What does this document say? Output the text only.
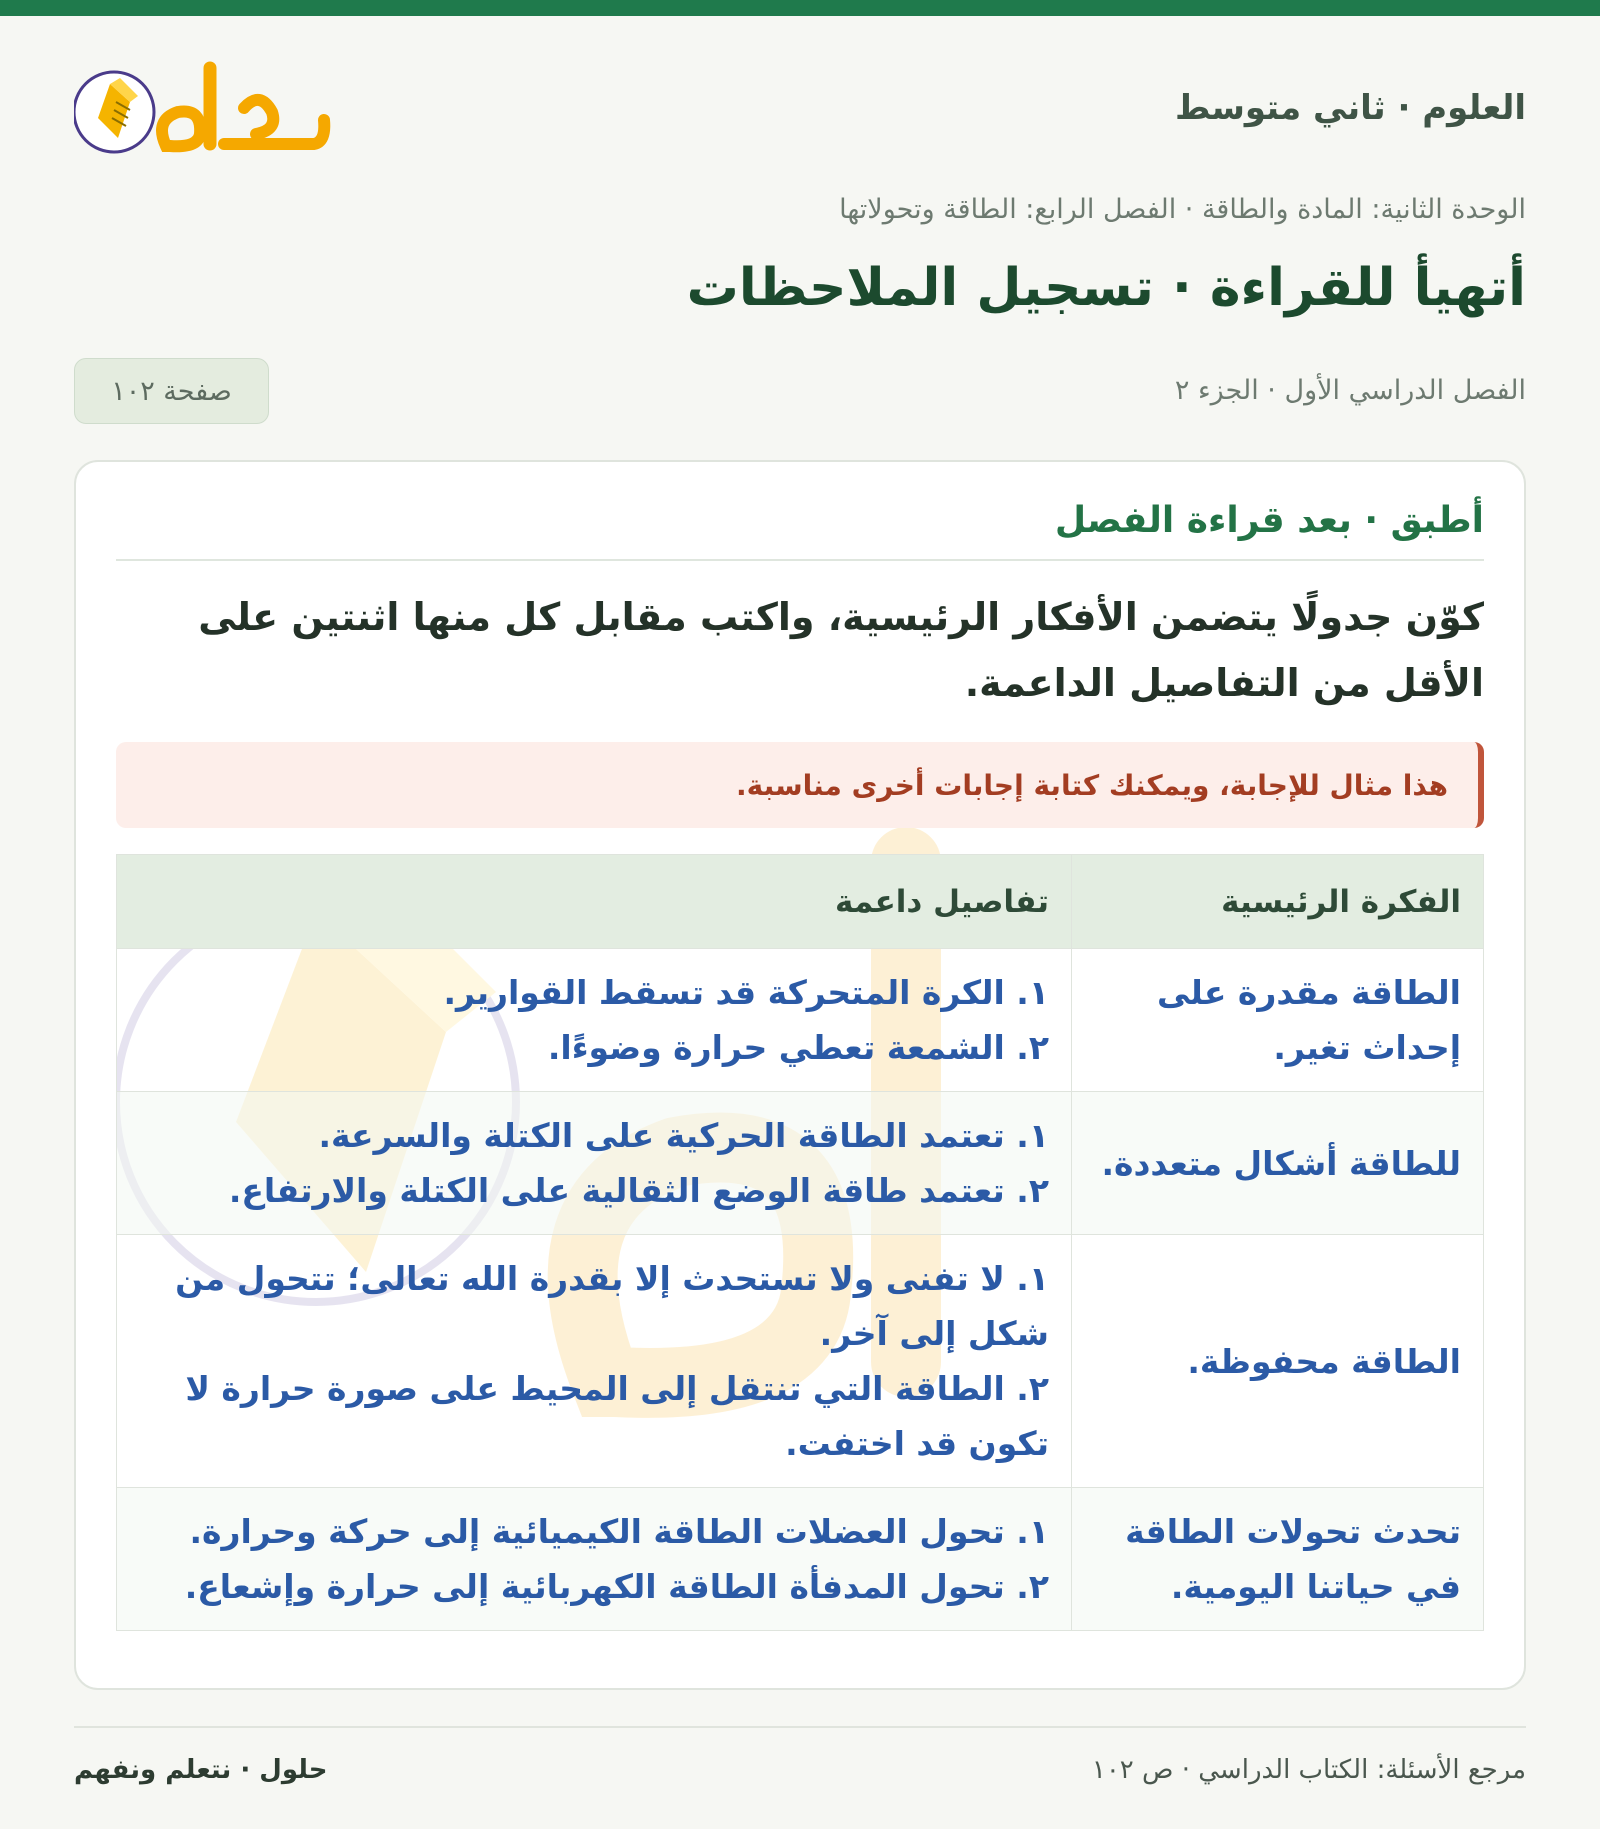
العلوم · ثاني متوسط
الوحدة الثانية: المادة والطاقة · الفصل الرابع: الطاقة وتحولاتها
أتهيأ للقراءة · تسجيل الملاحظات
الفصل الدراسي الأول · الجزء ٢
صفحة ١٠٢
أطبق · بعد قراءة الفصل
كوّن جدولًا يتضمن الأفكار الرئيسية، واكتب مقابل كل منها اثنتين على الأقل من التفاصيل الداعمة.
هذا مثال للإجابة، ويمكنك كتابة إجابات أخرى مناسبة.
الفكرة الرئيسية	تفاصيل داعمة
الطاقة مقدرة على إحداث تغير.	١. الكرة المتحركة قد تسقط القوارير.
٢. الشمعة تعطي حرارة وضوءًا.

للطاقة أشكال متعددة.	١. تعتمد الطاقة الحركية على الكتلة والسرعة.
٢. تعتمد طاقة الوضع الثقالية على الكتلة والارتفاع.

الطاقة محفوظة.	١. لا تفنى ولا تستحدث إلا بقدرة الله تعالى؛ تتحول من شكل إلى آخر.
٢. الطاقة التي تنتقل إلى المحيط على صورة حرارة لا تكون قد اختفت.

تحدث تحولات الطاقة في حياتنا اليومية.	١. تحول العضلات الطاقة الكيميائية إلى حركة وحرارة.
٢. تحول المدفأة الطاقة الكهربائية إلى حرارة وإشعاع.
مرجع الأسئلة: الكتاب الدراسي · ص ١٠٢
حلول · نتعلم ونفهم
